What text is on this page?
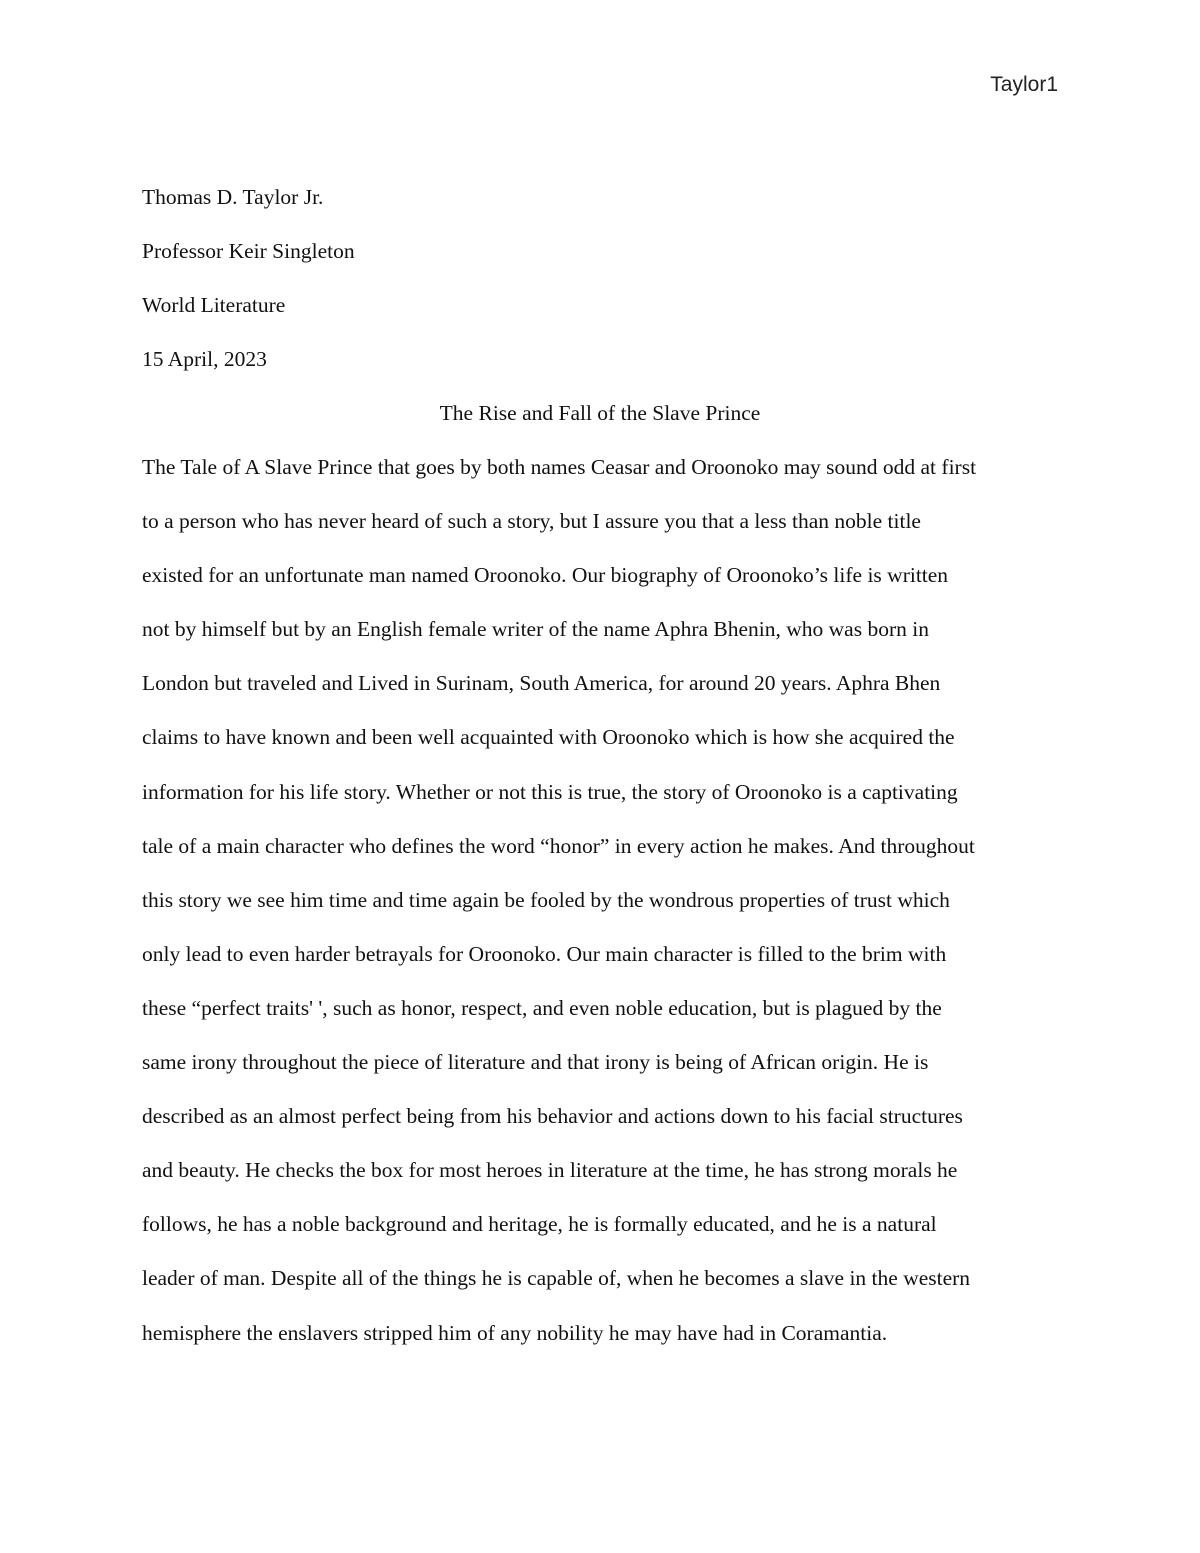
Taylor1
Thomas D. Taylor Jr.
Professor Keir Singleton
World Literature
15 April, 2023
The Rise and Fall of the Slave Prince
The Tale of A Slave Prince that goes by both names Ceasar and Oroonoko may sound odd at first
to a person who has never heard of such a story, but I assure you that a less than noble title
existed for an unfortunate man named Oroonoko. Our biography of Oroonoko’s life is written
not by himself but by an English female writer of the name Aphra Bhenin, who was born in
London but traveled and Lived in Surinam, South America, for around 20 years. Aphra Bhen
claims to have known and been well acquainted with Oroonoko which is how she acquired the
information for his life story. Whether or not this is true, the story of Oroonoko is a captivating
tale of a main character who defines the word “honor” in every action he makes. And throughout
this story we see him time and time again be fooled by the wondrous properties of trust which
only lead to even harder betrayals for Oroonoko. Our main character is filled to the brim with
these “perfect traits' ', such as honor, respect, and even noble education, but is plagued by the
same irony throughout the piece of literature and that irony is being of African origin. He is
described as an almost perfect being from his behavior and actions down to his facial structures
and beauty. He checks the box for most heroes in literature at the time, he has strong morals he
follows, he has a noble background and heritage, he is formally educated, and he is a natural
leader of man. Despite all of the things he is capable of, when he becomes a slave in the western
hemisphere the enslavers stripped him of any nobility he may have had in Coramantia.
